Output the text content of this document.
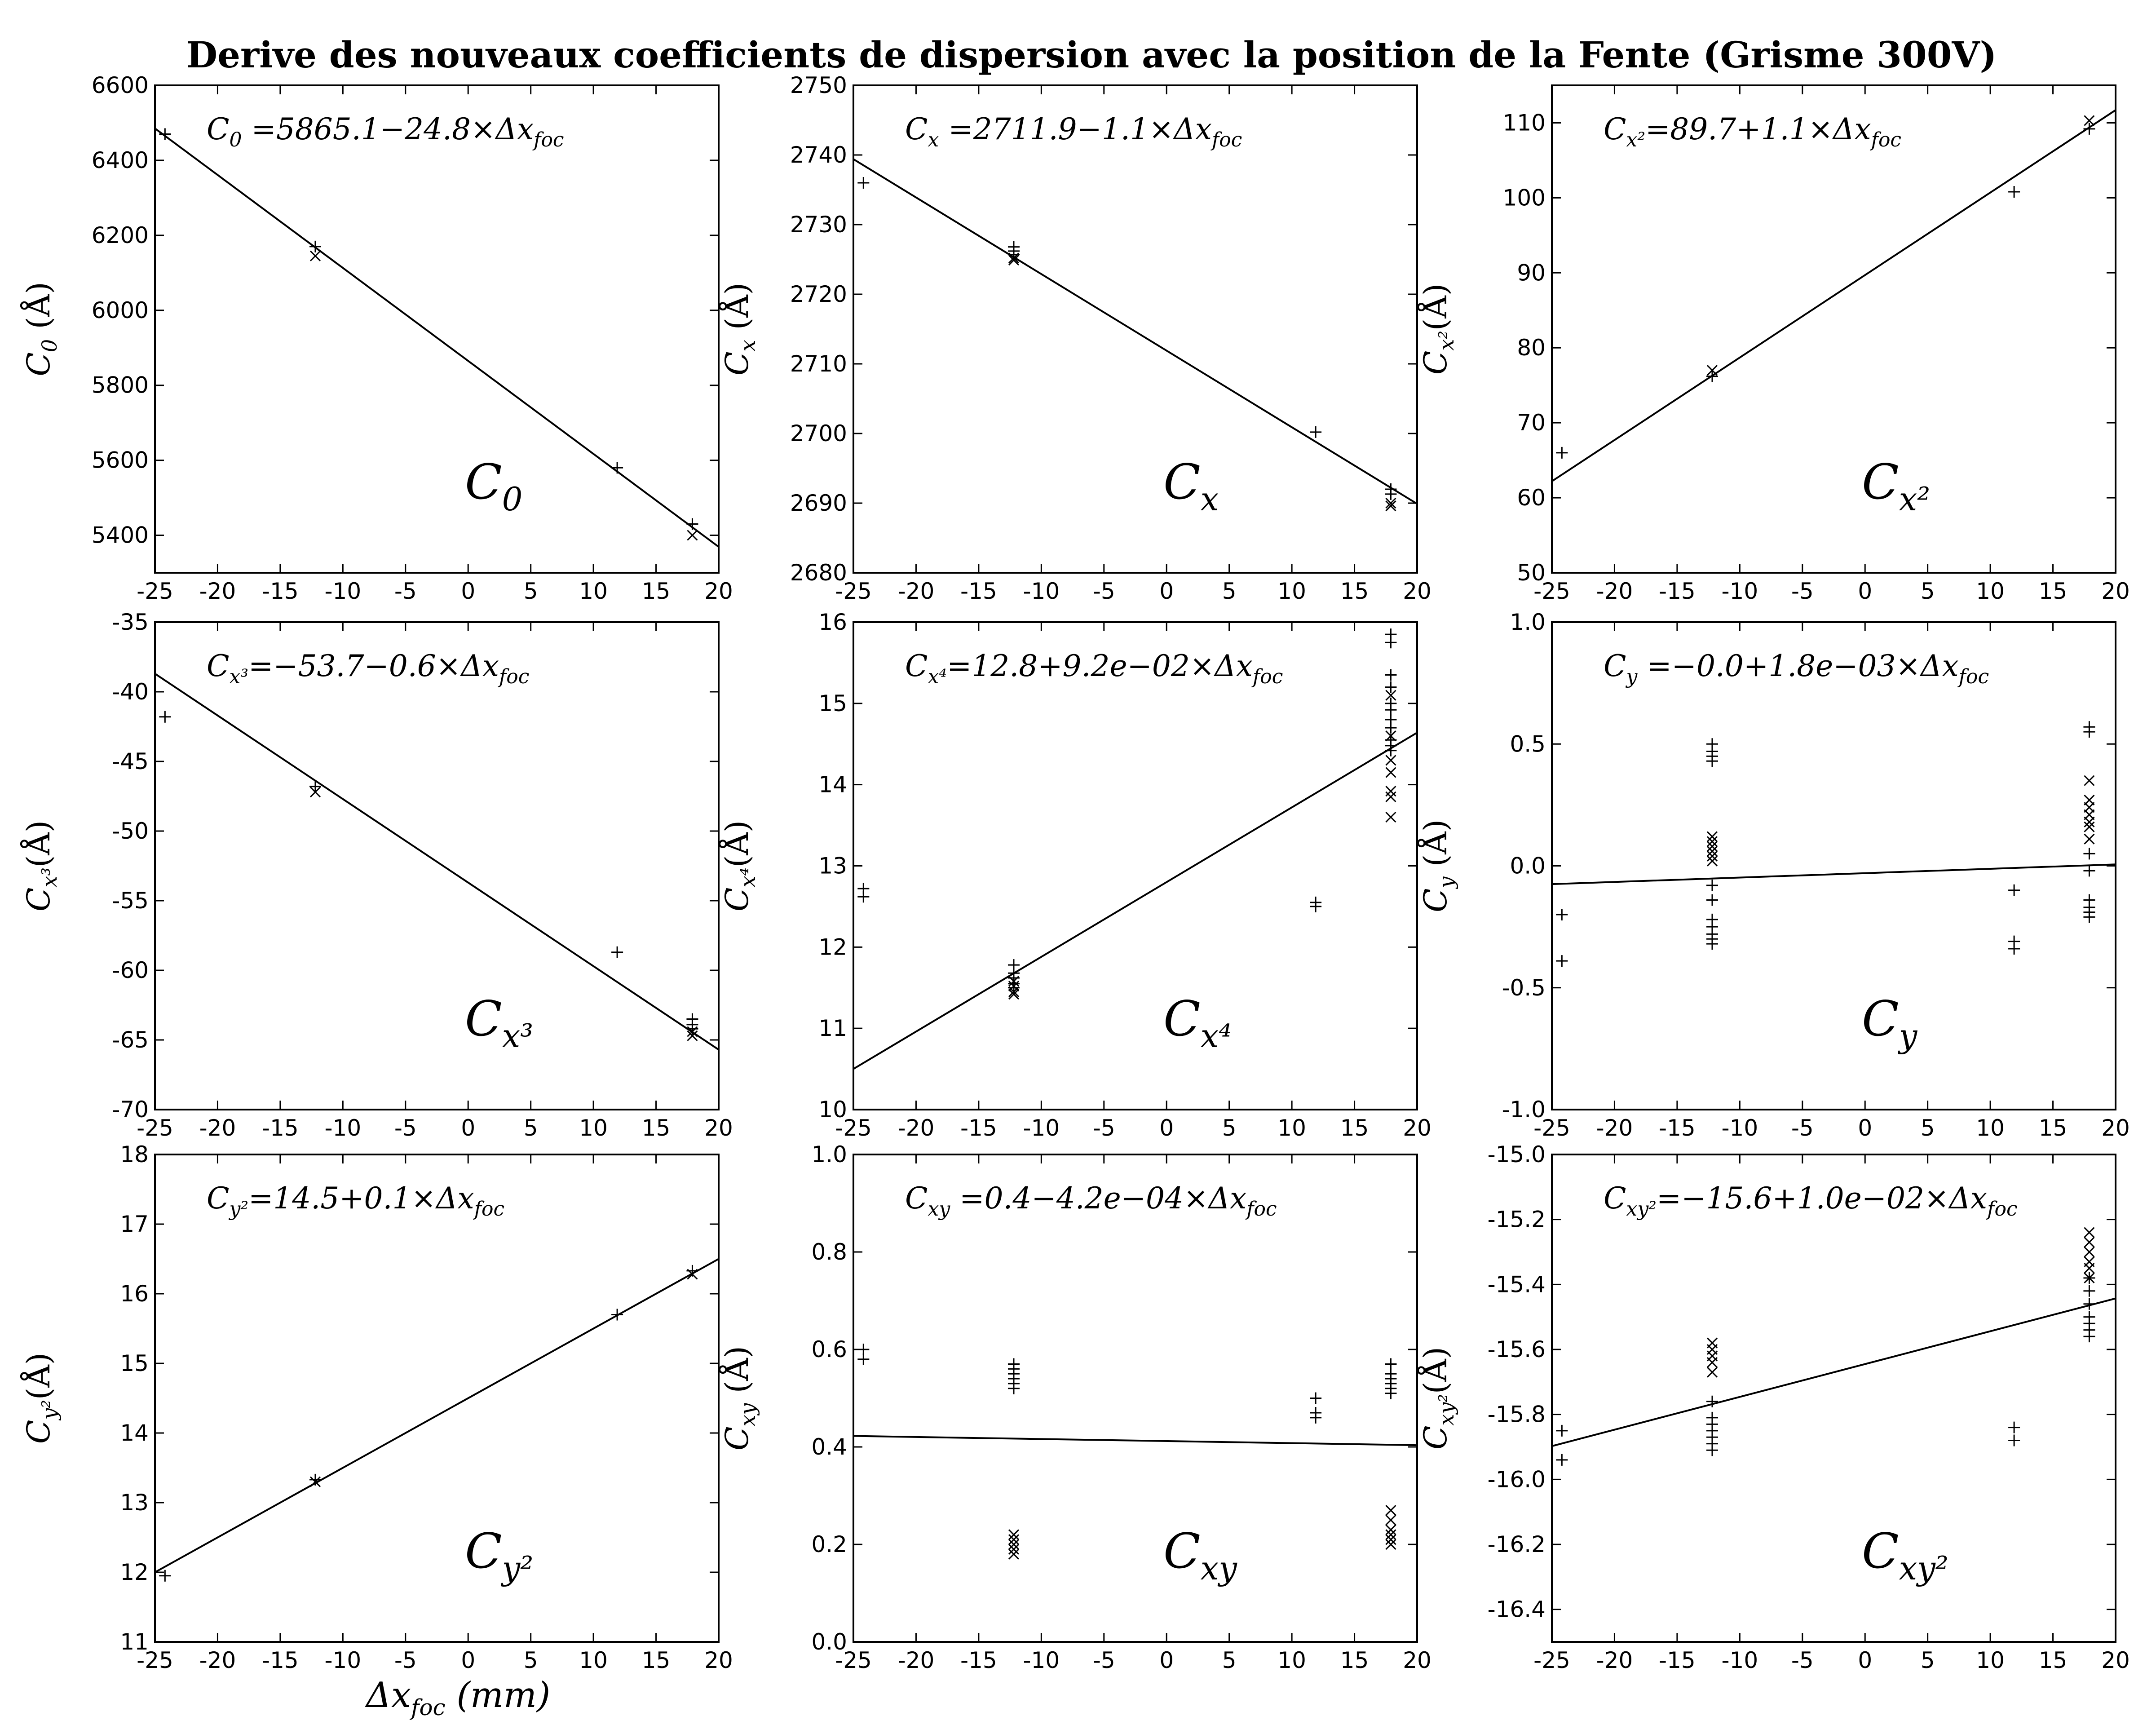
Derive des nouveaux coefficients de dispersion avec la position de la Fente (Grisme 300V)
-25 -20 -15 -10 -5 0 5 10 15 20
5400
5600
5800
6000
6200
6400
6600
$C_0 =5865.1-24.8\times\Delta x_{foc}$
$C_0$
$C_0$ (Å)
-25 -20 -15 -10 -5 0 5 10 15 20
2680
2690
2700
2710
2720
2730
2740
2750
$C_x =2711.9-1.1\times\Delta x_{foc}$
$C_x$
$C_x$ (Å)
-25 -20 -15 -10 -5 0 5 10 15 20
50
60
70
80
90
100
110 $C_{x^2}=89.7+1.1\times\Delta x_{foc}$
$C_{x^2}$
$C_{x^2}(Å)$
-25 -20 -15 -10 -5 0 5 10 15 20
-70
-65
-60
-55
-50
-45
-40
-35
$C_{x^3}=-53.7-0.6\times\Delta x_{foc}$
$C_{x^3}$
$C_{x^3}(Å)$
-25 -20 -15 -10 -5 0 5 10 15 20
10
11
12
13
14
15
16
$C_{x^4}=12.8+9.2e-02\times\Delta x_{foc}$
$C_{x^4}$
$C_{x^4}(Å)$
-25 -20 -15 -10 -5 0 5 10 15 20
-1.0
-0.5
0.0
0.5
1.0
$C_y =-0.0+1.8e-03\times\Delta x_{foc}$
$C_y$
$C_y$ (Å)
-25 -20 -15 -10 -5 0 5 10 15 20
11
12
13
14
15
16
17
18
$C_{y^2}=14.5+0.1\times\Delta x_{foc}$
$C_{y^2}$
$C_{y^2}(Å)$
-25 -20 -15 -10 -5 0 5 10 15 20
0.0
0.2
0.4
0.6
0.8
1.0
$C_{xy} =0.4-4.2e-04\times\Delta x_{foc}$
$C_{xy}$
$C_{xy}$ (Å)
-25 -20 -15 -10 -5 0 5 10 15 20
-16.4
-16.2
-16.0
-15.8
-15.6
-15.4
-15.2
-15.0
$C_{xy^2}=-15.6+1.0e-02\times\Delta x_{foc}$
$C_{xy^2}$
$C_{xy^2}(Å)$
$\Delta x_{foc}$ (mm)
